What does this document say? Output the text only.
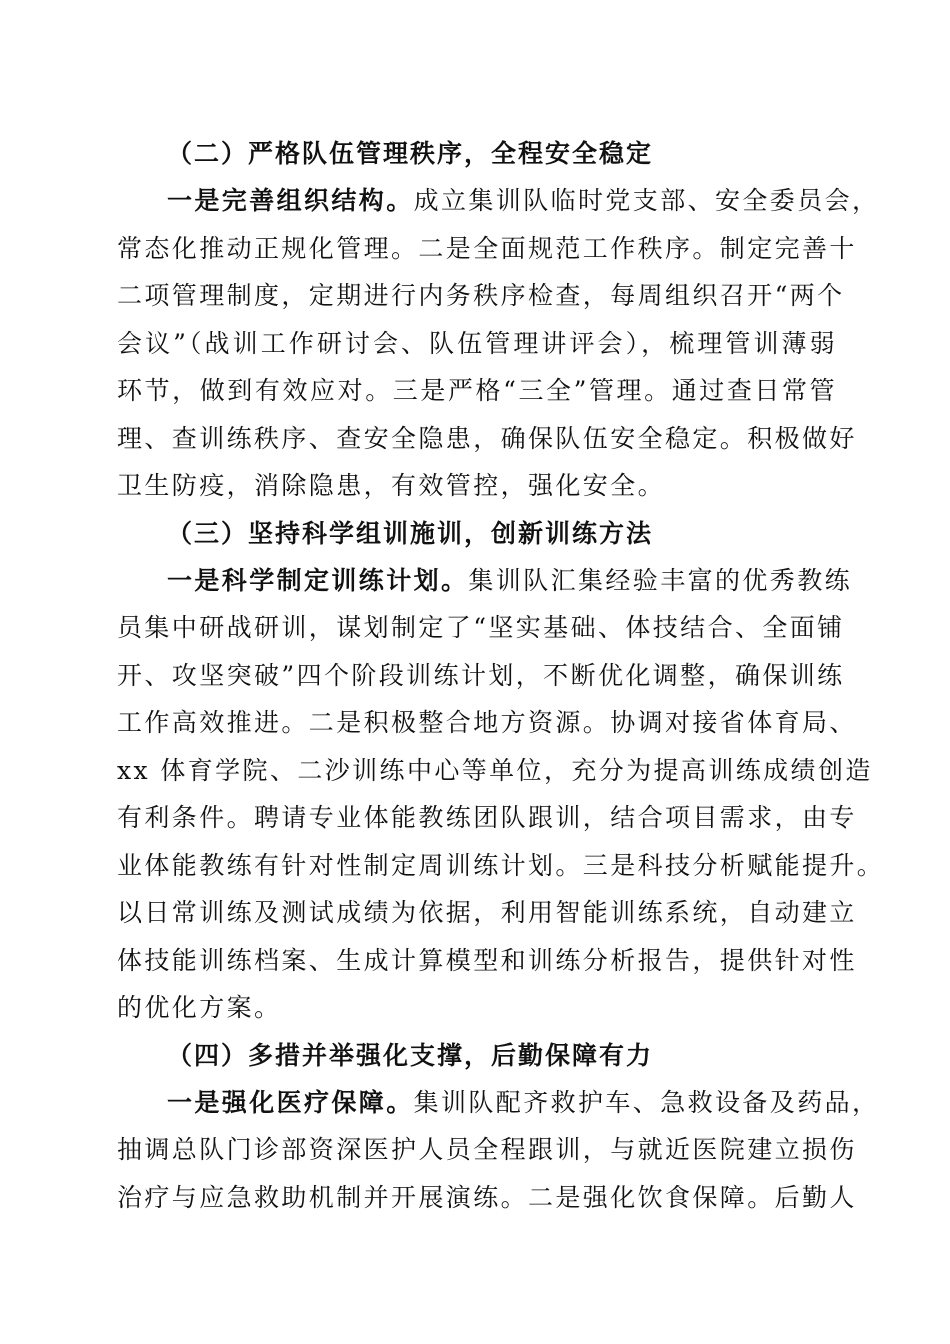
（二）严格队伍管理秩序，全程安全稳定
一是完善组织结构。成立集训队临时党支部、安全委员会，
常态化推动正规化管理。二是全面规范工作秩序。制定完善十
二项管理制度，定期进行内务秩序检查，每周组织召开“两个
会议”（战训工作研讨会、队伍管理讲评会），梳理管训薄弱
环节，做到有效应对。三是严格“三全”管理。通过查日常管
理、查训练秩序、查安全隐患，确保队伍安全稳定。积极做好
卫生防疫，消除隐患，有效管控，强化安全。
（三）坚持科学组训施训，创新训练方法
一是科学制定训练计划。集训队汇集经验丰富的优秀教练
员集中研战研训，谋划制定了“坚实基础、体技结合、全面铺
开、攻坚突破”四个阶段训练计划，不断优化调整，确保训练
工作高效推进。二是积极整合地方资源。协调对接省体育局、
xx 体育学院、二沙训练中心等单位，充分为提高训练成绩创造
有利条件。聘请专业体能教练团队跟训，结合项目需求，由专
业体能教练有针对性制定周训练计划。三是科技分析赋能提升。
以日常训练及测试成绩为依据，利用智能训练系统，自动建立
体技能训练档案、生成计算模型和训练分析报告，提供针对性
的优化方案。
（四）多措并举强化支撑，后勤保障有力
一是强化医疗保障。集训队配齐救护车、急救设备及药品，
抽调总队门诊部资深医护人员全程跟训，与就近医院建立损伤
治疗与应急救助机制并开展演练。二是强化饮食保障。后勤人
